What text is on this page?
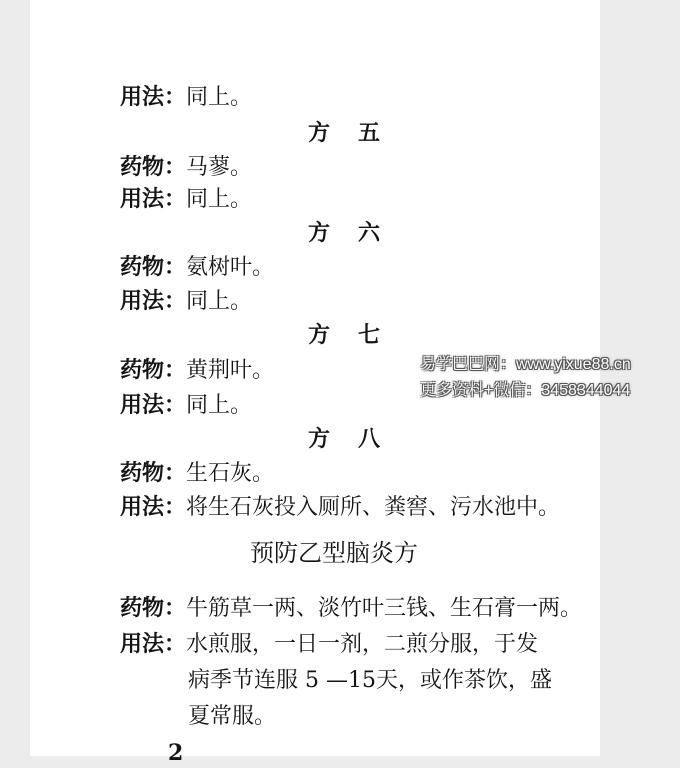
用法：同上。
方 五
药物：马蓼。
用法：同上。
方 六
药物：氨树叶。
用法：同上。
方 七
药物：黄荆叶。
用法：同上。
方 八
药物：生石灰。
用法：将生石灰投入厕所、粪窖、污水池中。
预防乙型脑炎方
药物：牛筋草一两、淡竹叶三钱、生石膏一两。
用法：水煎服，一日一剂，二煎分服，于发
病季节连服 5 —15天，或作茶饮，盛
夏常服。
2
易学巴巴网：www.yixue88.cn
更多资料+微信：3458344044
